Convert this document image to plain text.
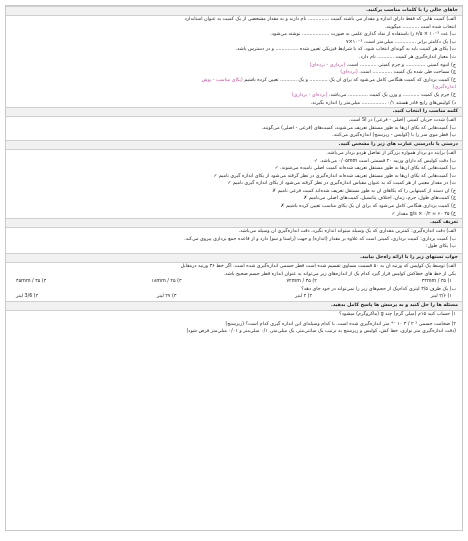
جاهای خالی را با کلمات مناسب پرکنید.
الف) کمیت هایی که فقط دارای اندازه و مقدار می باشند کمیت .............. نام دارند و به مقدار مشخصی از یک کمیت به عنوان استاندارد
انتخاب شده است ........... میگویند.
ب) عدد ³⁻۱۰ × ۶/۵ را باستفاده از نماد گذاری علمی به صورت .................. نوشته می‌شود.
پ) یک دکامتر برابر .............. میلی‌متر است. ³⁻۱۰×۷
ت) یکای هر کمیت باید به گونه‌ای انتخاب شود، که با شرایط فیزیکی تعیین شده ............... و در دسترس باشد.
ث) معیار اندازه‌گیری هر کمیت ........... نام دارد.
ج) انبوه کمیتی ............. و جرم کمیتی ........... است. (برداری - نرده‌ای)
چ) مساحت طی شده یک کمیت ............. است. (نرده‌ای)
ح) کمیت برداری که کمیت هنگامی کامل می‌شود که برای آن یک ............ و یک ........... تعیین کرده باشیم (یکای مناسب - پوش
اندازه‌گیری)
خ) جرم یک کمیت ........... و وزن یک کمیت ............. می‌باشد. (نرده‌ای - برداری)
د) کولیس‌های رایج قادر هستند ۰/۱ ................ میلی‌متر را اندازه بگیرند.
کلمه مناسب را انتخاب کنید.
الف) شدت جریان کمیتی (اصلی - فرعی) در SI است.
ب) کمیت‌هایی که یکای آن‌ها به طور مستقل تعریف می‌شوند، کمیت‌های (فرعی - اصلی) می‌گویند.
پ) قطر موی سر را با (کولیس - ریزسنج) اندازه‌گیری می‌کنند.
درستی یا نادرستی عبارت های زیر را مشخص کنید.
الف) برآیند دو بردار همواره بزرگتر از تفاضل هردو بردار می‌باشد.
ب) دقت کولیس که دارای ورنیه ۲۰ قسمتی است ۰/۰۵mm می‌باشد. ✓
پ) کمیت‌هایی که یکای آن‌ها به طور مستقل تعریف شده‌اند کمیت اصلی نامیده می‌شوند. ✓
ت) کمیت‌هایی که یکای آن‌ها به طور مستقل تعریف شده‌اند اندازه‌گیری در نظر گرفته می‌شود از یکای اندازه گیری نامیم ✓
ث) در مقدار معینی از هر کمیت که به عنوان مقیاس اندازه‌گیری در نظر گرفته می‌شود از یکای اندازه گیری نامیم ✓
ج) آن دسته از کمیتهایی را که یکاهای آن به طور مستقل تعریف شده‌اند کمیت فرعی نامیم ✗
چ) کمیت‌های طول، جرم، زمان، اختلاف پتانسیل، کمیت‌های اصلی می‌نامیم ✗
ح) کمیت برداری هنگامی کامل می‌شود که برای آن یک یکای مناسب تعیین کرده باشیم ✗
خ) ۳۵ g/s × ۰/۲ ≈ ۶۰ مقدار ✓
تعریف کنید.
الف) دقت اندازه‌گیری: کمترین مقداری که یک وسیله میتواند اندازه بگیرد، دقت اندازه‌گیری آن وسیله می‌باشد.
ب) کمیت برداری: کمیت برداری، کمیتی است که علاوه بر مقدار (اندازه) و جهت (راستا و سو) دارد و از قاعده جمع برداری پیروی می‌کند.
پ) یکای طول:
جواب تستهای زیر را با ارائه راه‌حل بیابید.
الف) توسط یک کولیس که ورنیه آن به ۵۰ قسمت مساوی تقسیم شده است قطر جسمی اندازه‌گیری شده است. اگر خط ۳۶ ورنیه درمقابل
یکی از خط های خط‌کش کولیس قرار گیرد کدام یک از اندازه‌های زیر می‌تواند به عنوان اندازه قطر جسم صحیح باشد.
۱) ۳۵ / ۴۳mm
۲) ۳۵ / ۷۲mm
۳) ۲۵ / ۱۸mm
۴) ۳۵ / ۴۵mm
ب) یک ظرف ۳/۵ لیتری کدام‌یک از حجم‌های زیر را نمی‌تواند در خود جای دهد؟
۱) ۲/۶ لیتر
۲) ۴ لیتر
۳) ۲۷ لیتر
۴) 3/6 لیتر
مسئله ها را حل کنید و به پرسش ها پاسخ کامل بدهید.
۱) حساب کنید ۱۵م (میلی گرم) چند g (ماکروگرم) میشود؟
۲) ضخامت جسمی ³ ۲ / ۳ ۱۰ ⁻⁴ متر اندازه‌گیری شده است. با کدام وسیله‌ای این اندازه گیری کدام است؟ (ریزسنج)
(دقت اندازه‌گیری متر نواری، خط کش، کولیس و ریزسنج به ترتیب یک سانتی‌متر، یک میلی‌متر، ۰/۱ میلی‌متر و ۰/۰۱ میلی‌متر فرض شود)
